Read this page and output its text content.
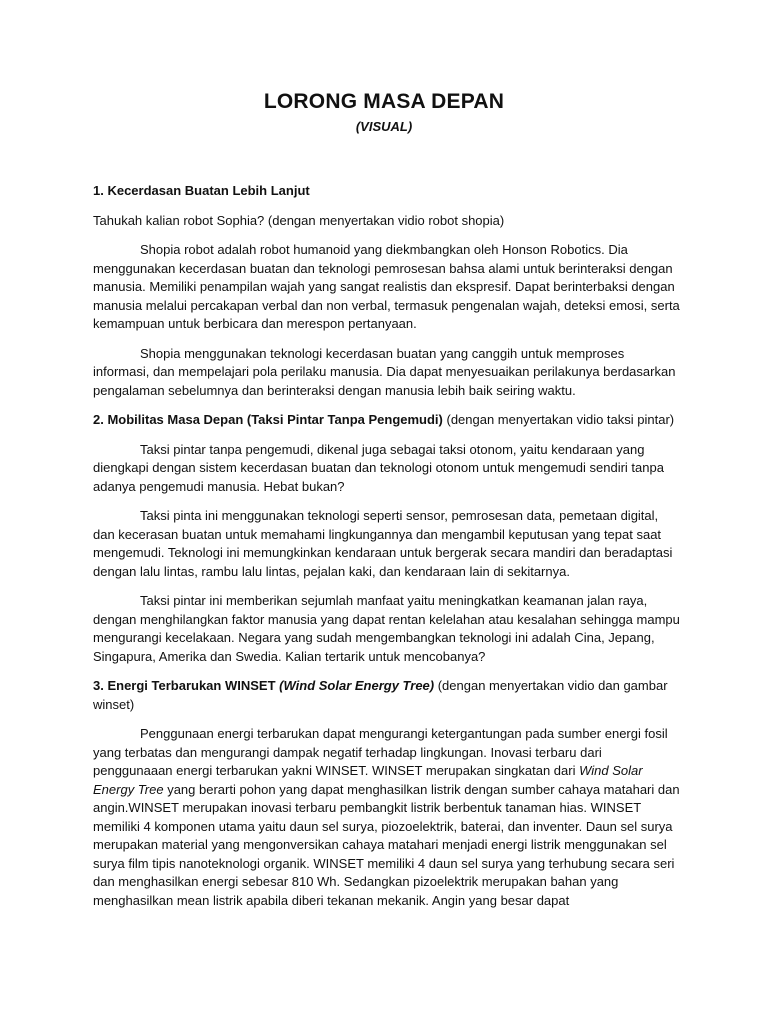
LORONG MASA DEPAN
(VISUAL)

1. Kecerdasan Buatan Lebih Lanjut

Tahukah kalian robot Sophia? (dengan menyertakan vidio robot shopia)

Shopia robot adalah robot humanoid yang diekmbangkan oleh Honson Robotics. Dia menggunakan kecerdasan buatan dan teknologi pemrosesan bahsa alami untuk berinteraksi dengan manusia. Memiliki penampilan wajah yang sangat realistis dan ekspresif. Dapat berinterbaksi dengan manusia melalui percakapan verbal dan non verbal, termasuk pengenalan wajah, deteksi emosi, serta kemampuan untuk berbicara dan merespon pertanyaan.

Shopia menggunakan teknologi kecerdasan buatan yang canggih untuk memproses informasi, dan mempelajari pola perilaku manusia. Dia dapat menyesuaikan perilakunya berdasarkan pengalaman sebelumnya dan berinteraksi dengan manusia lebih baik seiring waktu.

2. Mobilitas Masa Depan (Taksi Pintar Tanpa Pengemudi) (dengan menyertakan vidio taksi pintar)

Taksi pintar tanpa pengemudi, dikenal juga sebagai taksi otonom, yaitu kendaraan yang diengkapi dengan sistem kecerdasan buatan dan teknologi otonom untuk mengemudi sendiri tanpa adanya pengemudi manusia. Hebat bukan?

Taksi pinta ini menggunakan teknologi seperti sensor, pemrosesan data, pemetaan digital, dan kecerasan buatan untuk memahami lingkungannya dan mengambil keputusan yang tepat saat mengemudi. Teknologi ini memungkinkan kendaraan untuk bergerak secara mandiri dan beradaptasi dengan lalu lintas, rambu lalu lintas, pejalan kaki, dan kendaraan lain di sekitarnya.

Taksi pintar ini memberikan sejumlah manfaat yaitu meningkatkan keamanan jalan raya, dengan menghilangkan faktor manusia yang dapat rentan kelelahan atau kesalahan sehingga mampu mengurangi kecelakaan. Negara yang sudah mengembangkan teknologi ini adalah Cina, Jepang, Singapura, Amerika dan Swedia. Kalian tertarik untuk mencobanya?

3. Energi Terbarukan WINSET (Wind Solar Energy Tree) (dengan menyertakan vidio dan gambar winset)

Penggunaan energi terbarukan dapat mengurangi ketergantungan pada sumber energi fosil yang terbatas dan mengurangi dampak negatif terhadap lingkungan. Inovasi terbaru dari penggunaaan energi terbarukan yakni WINSET. WINSET merupakan singkatan dari Wind Solar Energy Tree yang berarti pohon yang dapat menghasilkan listrik dengan sumber cahaya matahari dan angin.WINSET merupakan inovasi terbaru pembangkit listrik berbentuk tanaman hias. WINSET memiliki 4 komponen utama yaitu daun sel surya, piozoelektrik, baterai, dan inventer. Daun sel surya merupakan material yang mengonversikan cahaya matahari menjadi energi listrik menggunakan sel surya film tipis nanoteknologi organik. WINSET memiliki 4 daun sel surya yang terhubung secara seri dan menghasilkan energi sebesar 810 Wh. Sedangkan pizoelektrik merupakan bahan yang menghasilkan mean listrik apabila diberi tekanan mekanik. Angin yang besar dapat
